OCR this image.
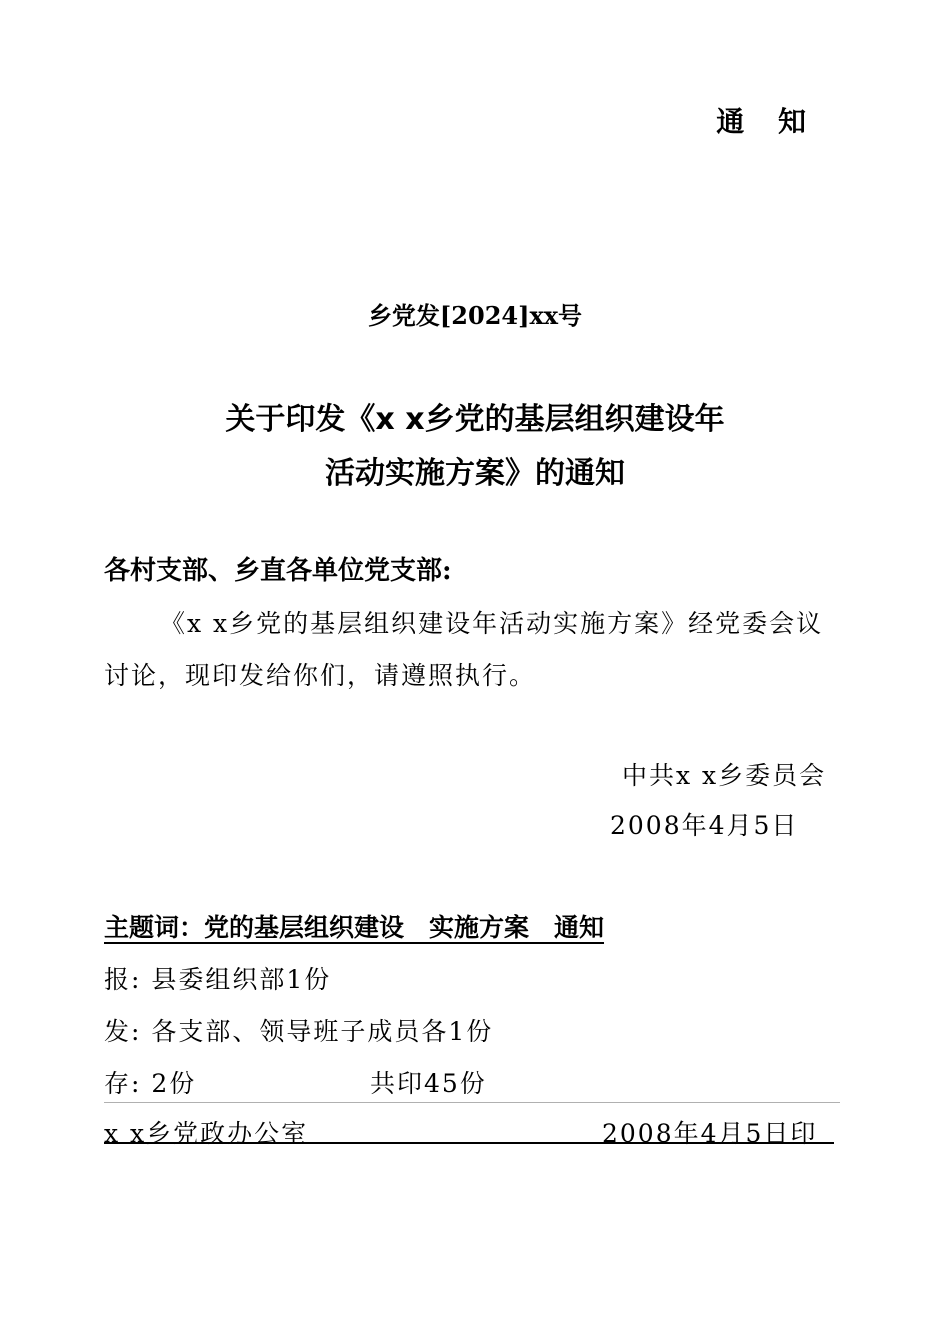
通 知
乡党发[2024]xx号
关于印发《x x乡党的基层组织建设年
活动实施方案》的通知
各村支部、乡直各单位党支部:
《x x乡党的基层组织建设年活动实施方案》经党委会议讨论，现印发给你们，请遵照执行。
中共x x乡委员会
2008年4月5日
主题词：党的基层组织建设　实施方案　通知
报: 县委组织部1份
发: 各支部、领导班子成员各1份
存: 2份	共印45份
x x乡党政办公室	2008年4月5日印
